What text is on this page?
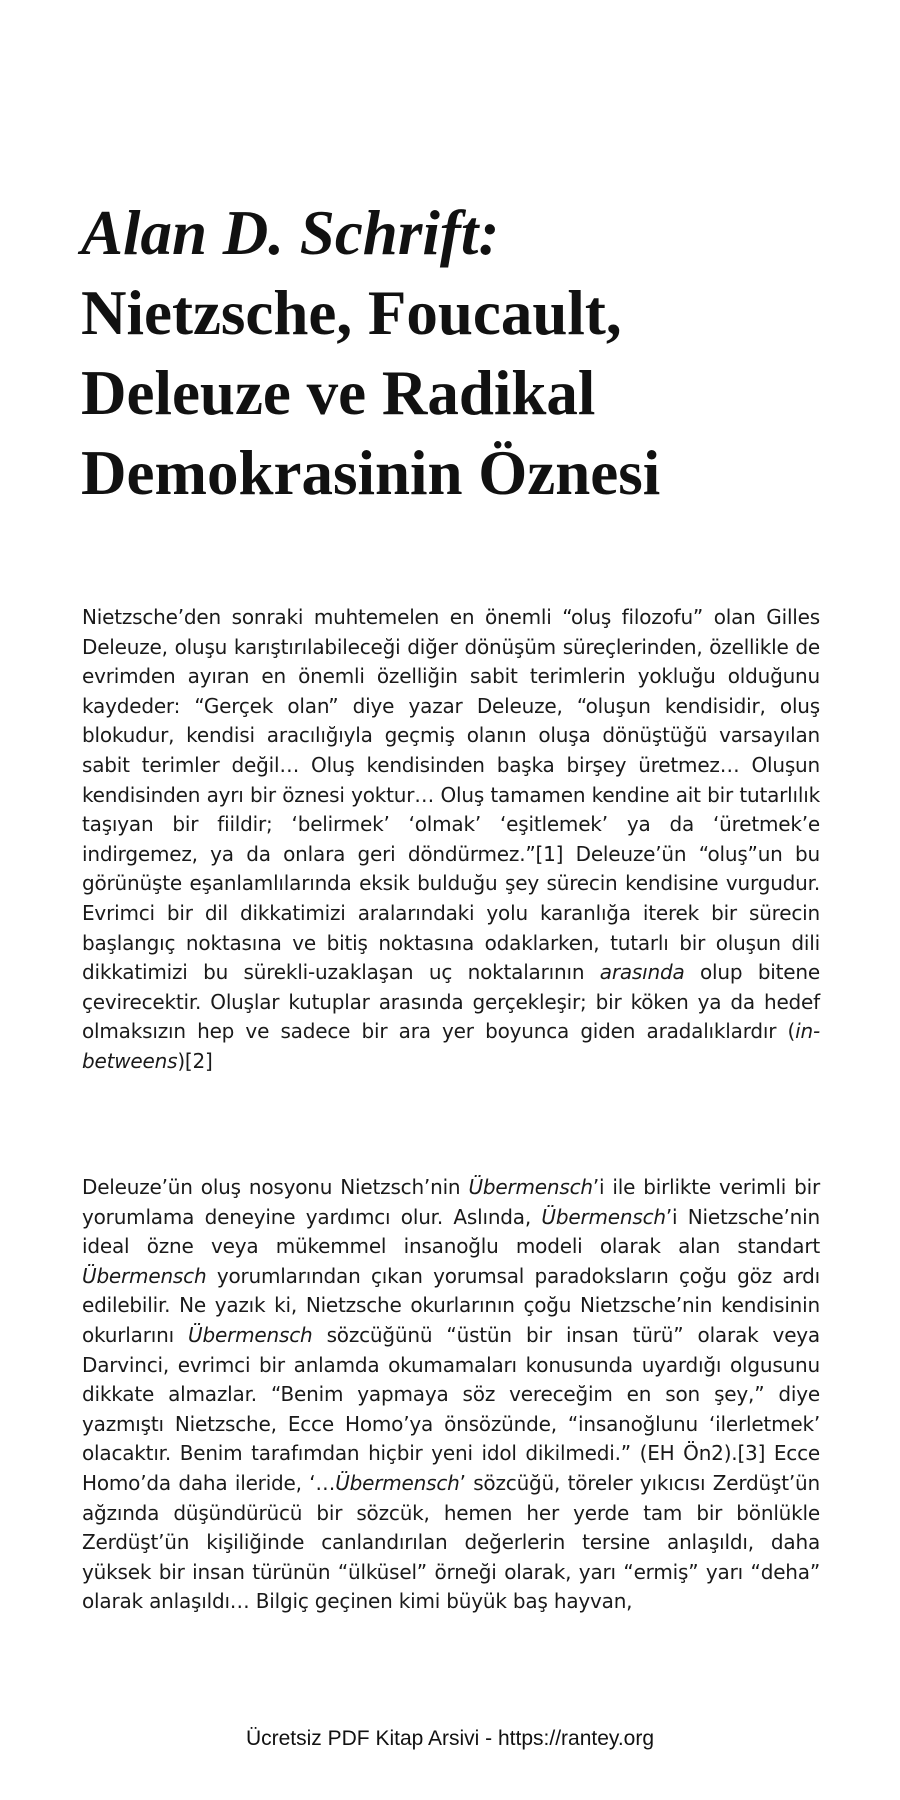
Alan D. Schrift:
Nietzsche, Foucault,
Deleuze ve Radikal
Demokrasinin Öznesi

Nietzsche’den sonraki muhtemelen en önemli “oluş filozofu” olan Gilles Deleuze, oluşu karıştırılabileceği diğer dönüşüm süreçlerinden, özellikle de evrimden ayıran en önemli özelliğin sabit terimlerin yokluğu olduğunu kaydeder: “Gerçek olan” diye yazar Deleuze, “oluşun kendisidir, oluş blokudur, kendisi aracılığıyla geçmiş olanın oluşa dönüştüğü varsayılan sabit terimler değil… Oluş kendisinden başka birşey üretmez… Oluşun kendisinden ayrı bir öznesi yoktur… Oluş tamamen kendine ait bir tutarlılık taşıyan bir fiildir; ‘belirmek’ ‘olmak’ ‘eşitlemek’ ya da ‘üretmek’e indirgemez, ya da onlara geri döndürmez.”[1] Deleuze’ün “oluş”un bu görünüşte eşanlamlılarında eksik bulduğu şey sürecin kendisine vurgudur. Evrimci bir dil dikkatimizi aralarındaki yolu karanlığa iterek bir sürecin başlangıç noktasına ve bitiş noktasına odaklarken, tutarlı bir oluşun dili dikkatimizi bu sürekli-uzaklaşan uç noktalarının arasında olup bitene çevirecektir. Oluşlar kutuplar arasında gerçekleşir; bir köken ya da hedef olmaksızın hep ve sadece bir ara yer boyunca giden aradalıklardır (in-betweens)[2]

Deleuze’ün oluş nosyonu Nietzsch’nin Übermensch’i ile birlikte verimli bir yorumlama deneyine yardımcı olur. Aslında, Übermensch’i Nietzsche’nin ideal özne veya mükemmel insanoğlu modeli olarak alan standart Übermensch yorumlarından çıkan yorumsal paradoksların çoğu göz ardı edilebilir. Ne yazık ki, Nietzsche okurlarının çoğu Nietzsche’nin kendisinin okurlarını Übermensch sözcüğünü “üstün bir insan türü” olarak veya Darvinci, evrimci bir anlamda okumamaları konusunda uyardığı olgusunu dikkate almazlar. “Benim yapmaya söz vereceğim en son şey,” diye yazmıştı Nietzsche, Ecce Homo’ya önsözünde, “insanoğlunu ‘ilerletmek’ olacaktır. Benim tarafımdan hiçbir yeni idol dikilmedi.” (EH Ön2).[3] Ecce Homo’da daha ileride, ‘…Übermensch’ sözcüğü, töreler yıkıcısı Zerdüşt’ün ağzında düşündürücü bir sözcük, hemen her yerde tam bir bönlükle Zerdüşt’ün kişiliğinde canlandırılan değerlerin tersine anlaşıldı, daha yüksek bir insan türünün “ülküsel” örneği olarak, yarı “ermiş” yarı “deha” olarak anlaşıldı… Bilgiç geçinen kimi büyük baş hayvan,

Ücretsiz PDF Kitap Arsivi - https://rantey.org
